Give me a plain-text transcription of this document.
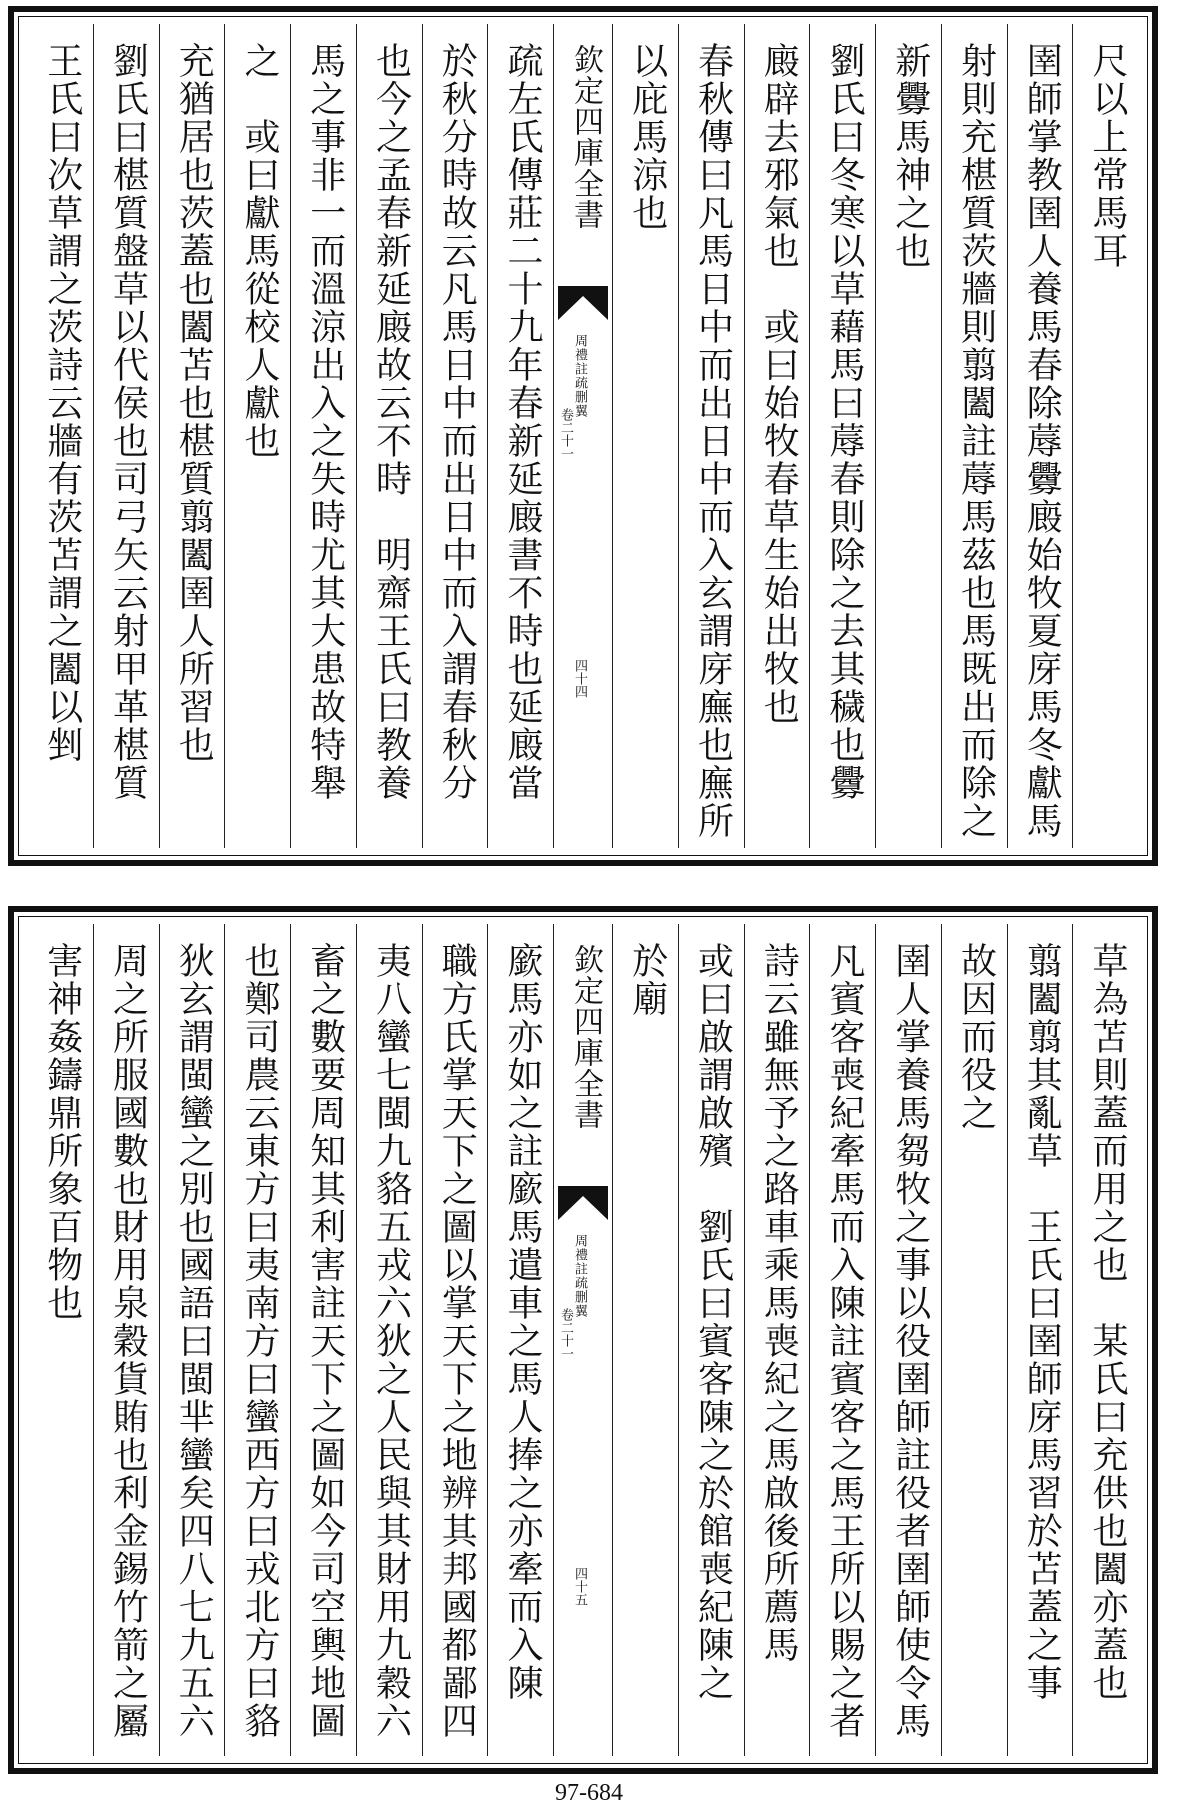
尺以上常馬耳
圉師掌教圉人養馬春除蓐釁廄始牧夏庌馬冬獻馬
射則充椹質茨牆則翦闔註蓐馬茲也馬既出而除之
新釁馬神之也
劉氏曰冬寒以草藉馬曰蓐春則除之去其穢也釁
廄辟去邪氣也　或曰始牧春草生始出牧也
春秋傳曰凡馬日中而出日中而入玄謂庌廡也廡所
以庇馬涼也
欽定四庫全書
周禮註疏删翼
卷二十一
四十四
疏左氏傳莊二十九年春新延廄書不時也延廄當
於秋分時故云凡馬日中而出日中而入謂春秋分
也今之孟春新延廄故云不時　明齋王氏曰教養
馬之事非一而溫涼出入之失時尤其大患故特舉
之　或曰獻馬從校人獻也
充猶居也茨蓋也闔苫也椹質翦闔圉人所習也
劉氏曰椹質盤草以代侯也司弓矢云射甲革椹質
王氏曰次草謂之茨詩云牆有茨苫謂之闔以剉
草為苫則蓋而用之也　某氏曰充供也闔亦蓋也
翦闔翦其亂草　王氏曰圉師庌馬習於苫蓋之事
故因而役之
圉人掌養馬芻牧之事以役圉師註役者圉師使令馬
凡賓客喪紀牽馬而入陳註賓客之馬王所以賜之者
詩云雖無予之路車乘馬喪紀之馬啟後所薦馬
或曰啟謂啟殯　劉氏曰賓客陳之於館喪紀陳之
於廟
欽定四庫全書
周禮註疏删翼
卷二十一
四十五
廞馬亦如之註廞馬遣車之馬人捧之亦牽而入陳
職方氏掌天下之圖以掌天下之地辨其邦國都鄙四
夷八蠻七閩九貉五戎六狄之人民與其財用九穀六
畜之數要周知其利害註天下之圖如今司空輿地圖
也鄭司農云東方曰夷南方曰蠻西方曰戎北方曰貉
狄玄謂閩蠻之別也國語曰閩芈蠻矣四八七九五六
周之所服國數也財用泉穀貨賄也利金錫竹箭之屬
害神姦鑄鼎所象百物也
97-684
